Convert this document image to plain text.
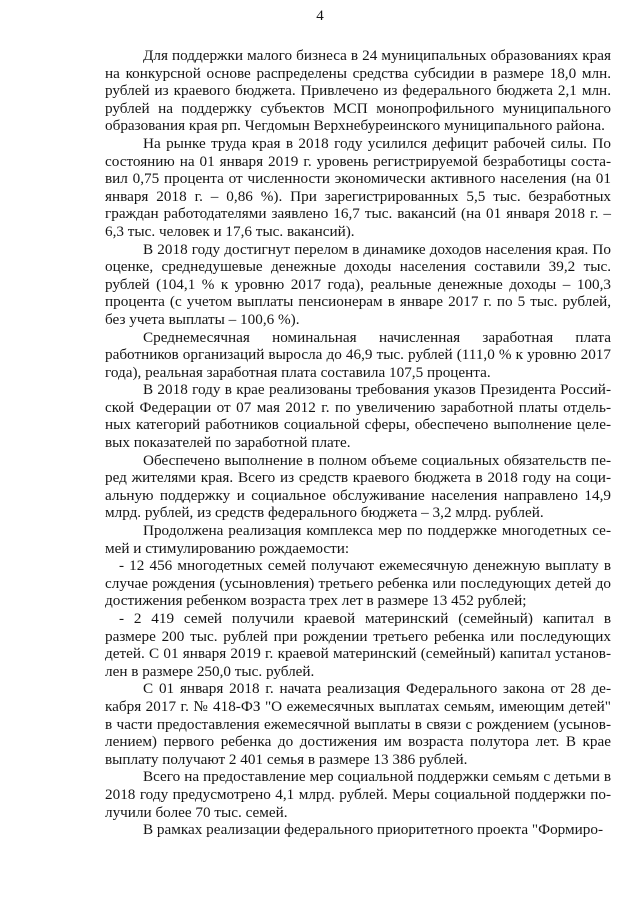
4

Для поддержки малого бизнеса в 24 муниципальных образованиях края на конкурсной основе распределены средства субсидии в размере 18,0 млн. рублей из краевого бюджета. Привлечено из федерального бюджета 2,1 млн. рублей на поддержку субъектов МСП монопрофильного муниципального образования края рп. Чегдомын Верхнебуреинского муниципального района.

На рынке труда края в 2018 году усилился дефицит рабочей силы. По состоянию на 01 января 2019 г. уровень регистрируемой безработицы составил 0,75 процента от численности экономически активного населения (на 01 января 2018 г. – 0,86 %). При зарегистрированных 5,5 тыс. безработных граждан работодателями заявлено 16,7 тыс. вакансий (на 01 января 2018 г. – 6,3 тыс. человек и 17,6 тыс. вакансий).

В 2018 году достигнут перелом в динамике доходов населения края. По оценке, среднедушевые денежные доходы населения составили 39,2 тыс. рублей (104,1 % к уровню 2017 года), реальные денежные доходы – 100,3 процента (с учетом выплаты пенсионерам в январе 2017 г. по 5 тыс. рублей, без учета выплаты – 100,6 %).

Среднемесячная номинальная начисленная заработная плата работников организаций выросла до 46,9 тыс. рублей (111,0 % к уровню 2017 года), реальная заработная плата составила 107,5 процента.

В 2018 году в крае реализованы требования указов Президента Российской Федерации от 07 мая 2012 г. по увеличению заработной платы отдельных категорий работников социальной сферы, обеспечено выполнение целевых показателей по заработной плате.

Обеспечено выполнение в полном объеме социальных обязательств перед жителями края. Всего из средств краевого бюджета в 2018 году на социальную поддержку и социальное обслуживание населения направлено 14,9 млрд. рублей, из средств федерального бюджета – 3,2 млрд. рублей.

Продолжена реализация комплекса мер по поддержке многодетных семей и стимулированию рождаемости:

- 12 456 многодетных семей получают ежемесячную денежную выплату в случае рождения (усыновления) третьего ребенка или последующих детей до достижения ребенком возраста трех лет в размере 13 452 рублей;

- 2 419 семей получили краевой материнский (семейный) капитал в размере 200 тыс. рублей при рождении третьего ребенка или последующих детей. С 01 января 2019 г. краевой материнский (семейный) капитал установлен в размере 250,0 тыс. рублей.

С 01 января 2018 г. начата реализация Федерального закона от 28 декабря 2017 г. № 418-ФЗ "О ежемесячных выплатах семьям, имеющим детей" в части предоставления ежемесячной выплаты в связи с рождением (усыновлением) первого ребенка до достижения им возраста полутора лет. В крае выплату получают 2 401 семья в размере 13 386 рублей.

Всего на предоставление мер социальной поддержки семьям с детьми в 2018 году предусмотрено 4,1 млрд. рублей. Меры социальной поддержки получили более 70 тыс. семей.

В рамках реализации федерального приоритетного проекта "Формиро-
